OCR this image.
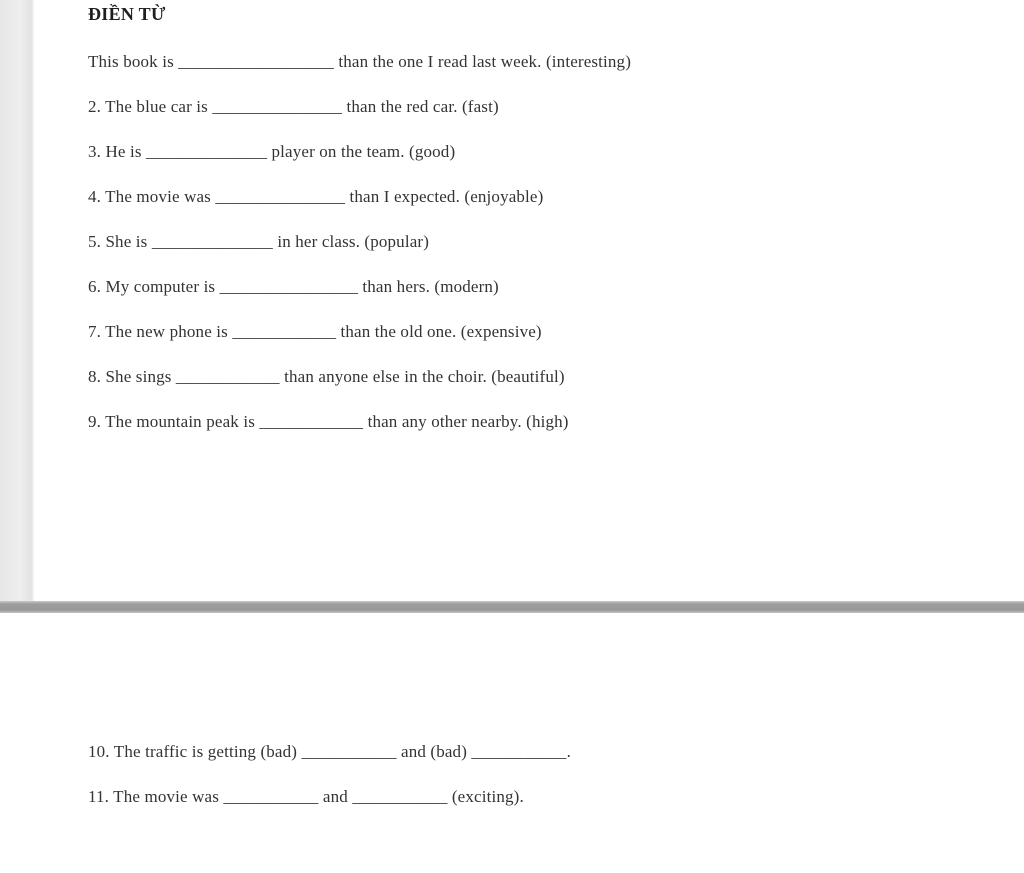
ĐIỀN TỪ

This book is __________________ than the one I read last week. (interesting)

2. The blue car is _______________ than the red car. (fast)

3. He is ______________ player on the team. (good)

4. The movie was _______________ than I expected. (enjoyable)

5. She is ______________ in her class. (popular)

6. My computer is ________________ than hers. (modern)

7. The new phone is ____________ than the old one. (expensive)

8. She sings ____________ than anyone else in the choir. (beautiful)

9. The mountain peak is ____________ than any other nearby. (high)

10. The traffic is getting (bad) ___________ and (bad) ___________.

11. The movie was ___________ and ___________ (exciting).
